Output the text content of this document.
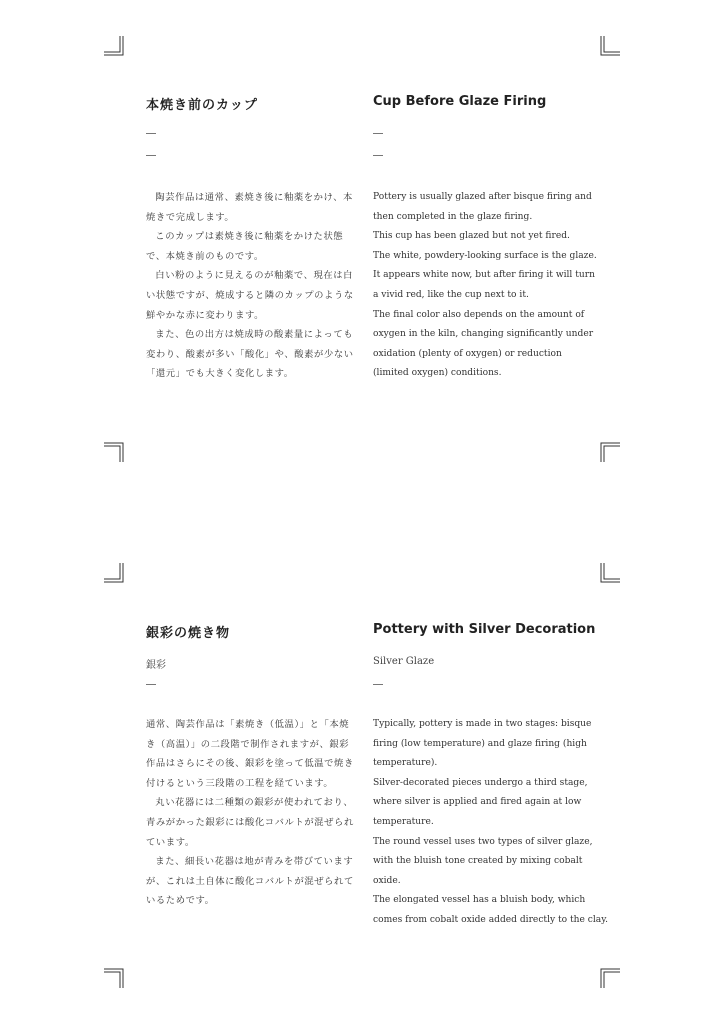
本焼き前のカップ	Cup Before Glaze Firing

陶芸作品は通常、素焼き後に釉薬をかけ、本焼きで完成します。

このカップは素焼き後に釉薬をかけた状態で、本焼き前のものです。

白い粉のように見えるのが釉薬で、現在は白い状態ですが、焼成すると隣のカップのような鮮やかな赤に変わります。

また、色の出方は焼成時の酸素量によっても変わり、酸素が多い「酸化」や、酸素が少ない「還元」でも大きく変化します。

Pottery is usually glazed after bisque firing and

then completed in the glaze firing.

This cup has been glazed but not yet fired.

The white, powdery-looking surface is the glaze.

It appears white now, but after firing it will turn

a vivid red, like the cup next to it.

The final color also depends on the amount of

oxygen in the kiln, changing significantly under

oxidation (plenty of oxygen) or reduction

(limited oxygen) conditions.

銀彩の焼き物	Pottery with Silver Decoration
銀彩	Silver Glaze

通常、陶芸作品は「素焼き（低温）」と「本焼き（高温）」の二段階で制作されますが、銀彩作品はさらにその後、銀彩を塗って低温で焼き付けるという三段階の工程を経ています。

丸い花器には二種類の銀彩が使われており、青みがかった銀彩には酸化コバルトが混ぜられています。

また、細長い花器は地が青みを帯びていますが、これは土自体に酸化コバルトが混ぜられているためです。

Typically, pottery is made in two stages: bisque

firing (low temperature) and glaze firing (high

temperature).

Silver-decorated pieces undergo a third stage,

where silver is applied and fired again at low

temperature.

The round vessel uses two types of silver glaze,

with the bluish tone created by mixing cobalt

oxide.

The elongated vessel has a bluish body, which

comes from cobalt oxide added directly to the clay.
